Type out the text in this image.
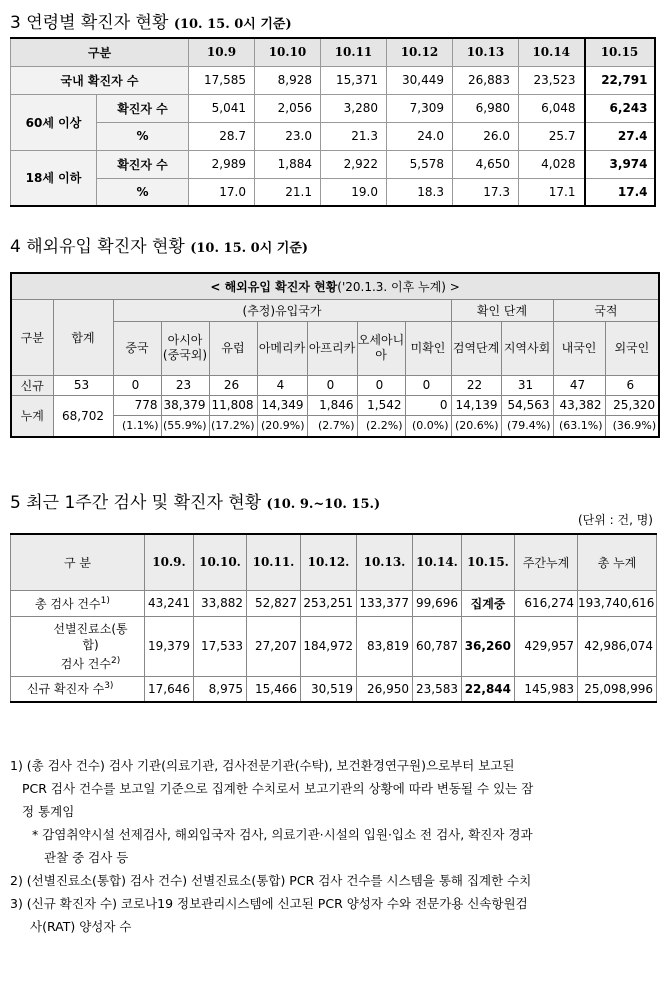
3 연령별 확진자 현황 (10. 15. 0시 기준)
구분		10.9	10.10	10.11	10.12	10.13	10.14	10.15
국내 확진자 수		17,585	8,928	15,371	30,449	26,883	23,523	22,791
60세 이상	확진자 수	5,041	2,056	3,280	7,309	6,980	6,048	6,243
	%	28.7	23.0	21.3	24.0	26.0	25.7	27.4
18세 이하	확진자 수	2,989	1,884	2,922	5,578	4,650	4,028	3,974
	%	17.0	21.1	19.0	18.3	17.3	17.1	17.4
4 해외유입 확진자 현황 (10. 15. 0시 기준)
< 해외유입 확진자 현황('20.1.3. 이후 누계) >												
구분	합계	(추정)유입국가							확인 단계		국적	
		중국	아시아(중국외)	유럽	아메리카	아프리카	오세아니아	미확인	검역단계	지역사회	내국인	외국인
신규	53	0	23	26	4	0	0	0	22	31	47	6
누계	68,702	778	38,379	11,808	14,349	1,846	1,542	0	14,139	54,563	43,382	25,320
		(1.1%)	(55.9%)	(17.2%)	(20.9%)	(2.7%)	(2.2%)	(0.0%)	(20.6%)	(79.4%)	(63.1%)	(36.9%)
5 최근 1주간 검사 및 확진자 현황 (10. 9.~10. 15.)
(단위 : 건, 명)
구 분	10.9.	10.10.	10.11.	10.12.	10.13.	10.14.	10.15.	주간누계	총 누계
총 검사 건수$^{1)}$	43,241	33,882	52,827	253,251	133,377	99,696	집계중	616,274	193,740,616

선별진료소(통
합)
검사 건수$^{2)}$	19,379	17,533	27,207	184,972	83,819	60,787	36,260	429,957	42,986,074
신규 확진자 수$^{3)}$	17,646	8,975	15,466	30,519	26,950	23,583	22,844	145,983	25,098,996

1) (총 검사 건수) 검사 기관(의료기관, 검사전문기관(수탁), 보건환경연구원)으로부터 보고된

PCR 검사 건수를 보고일 기준으로 집계한 수치로서 보고기관의 상황에 따라 변동될 수 있는 잠

정 통계임

* 감염취약시설 선제검사, 해외입국자 검사, 의료기관·시설의 입원·입소 전 검사, 확진자 경과

관찰 중 검사 등

2) (선별진료소(통합) 검사 건수) 선별진료소(통합) PCR 검사 건수를 시스템을 통해 집계한 수치

3) (신규 확진자 수) 코로나19 정보관리시스템에 신고된 PCR 양성자 수와 전문가용 신속항원검

사(RAT) 양성자 수
